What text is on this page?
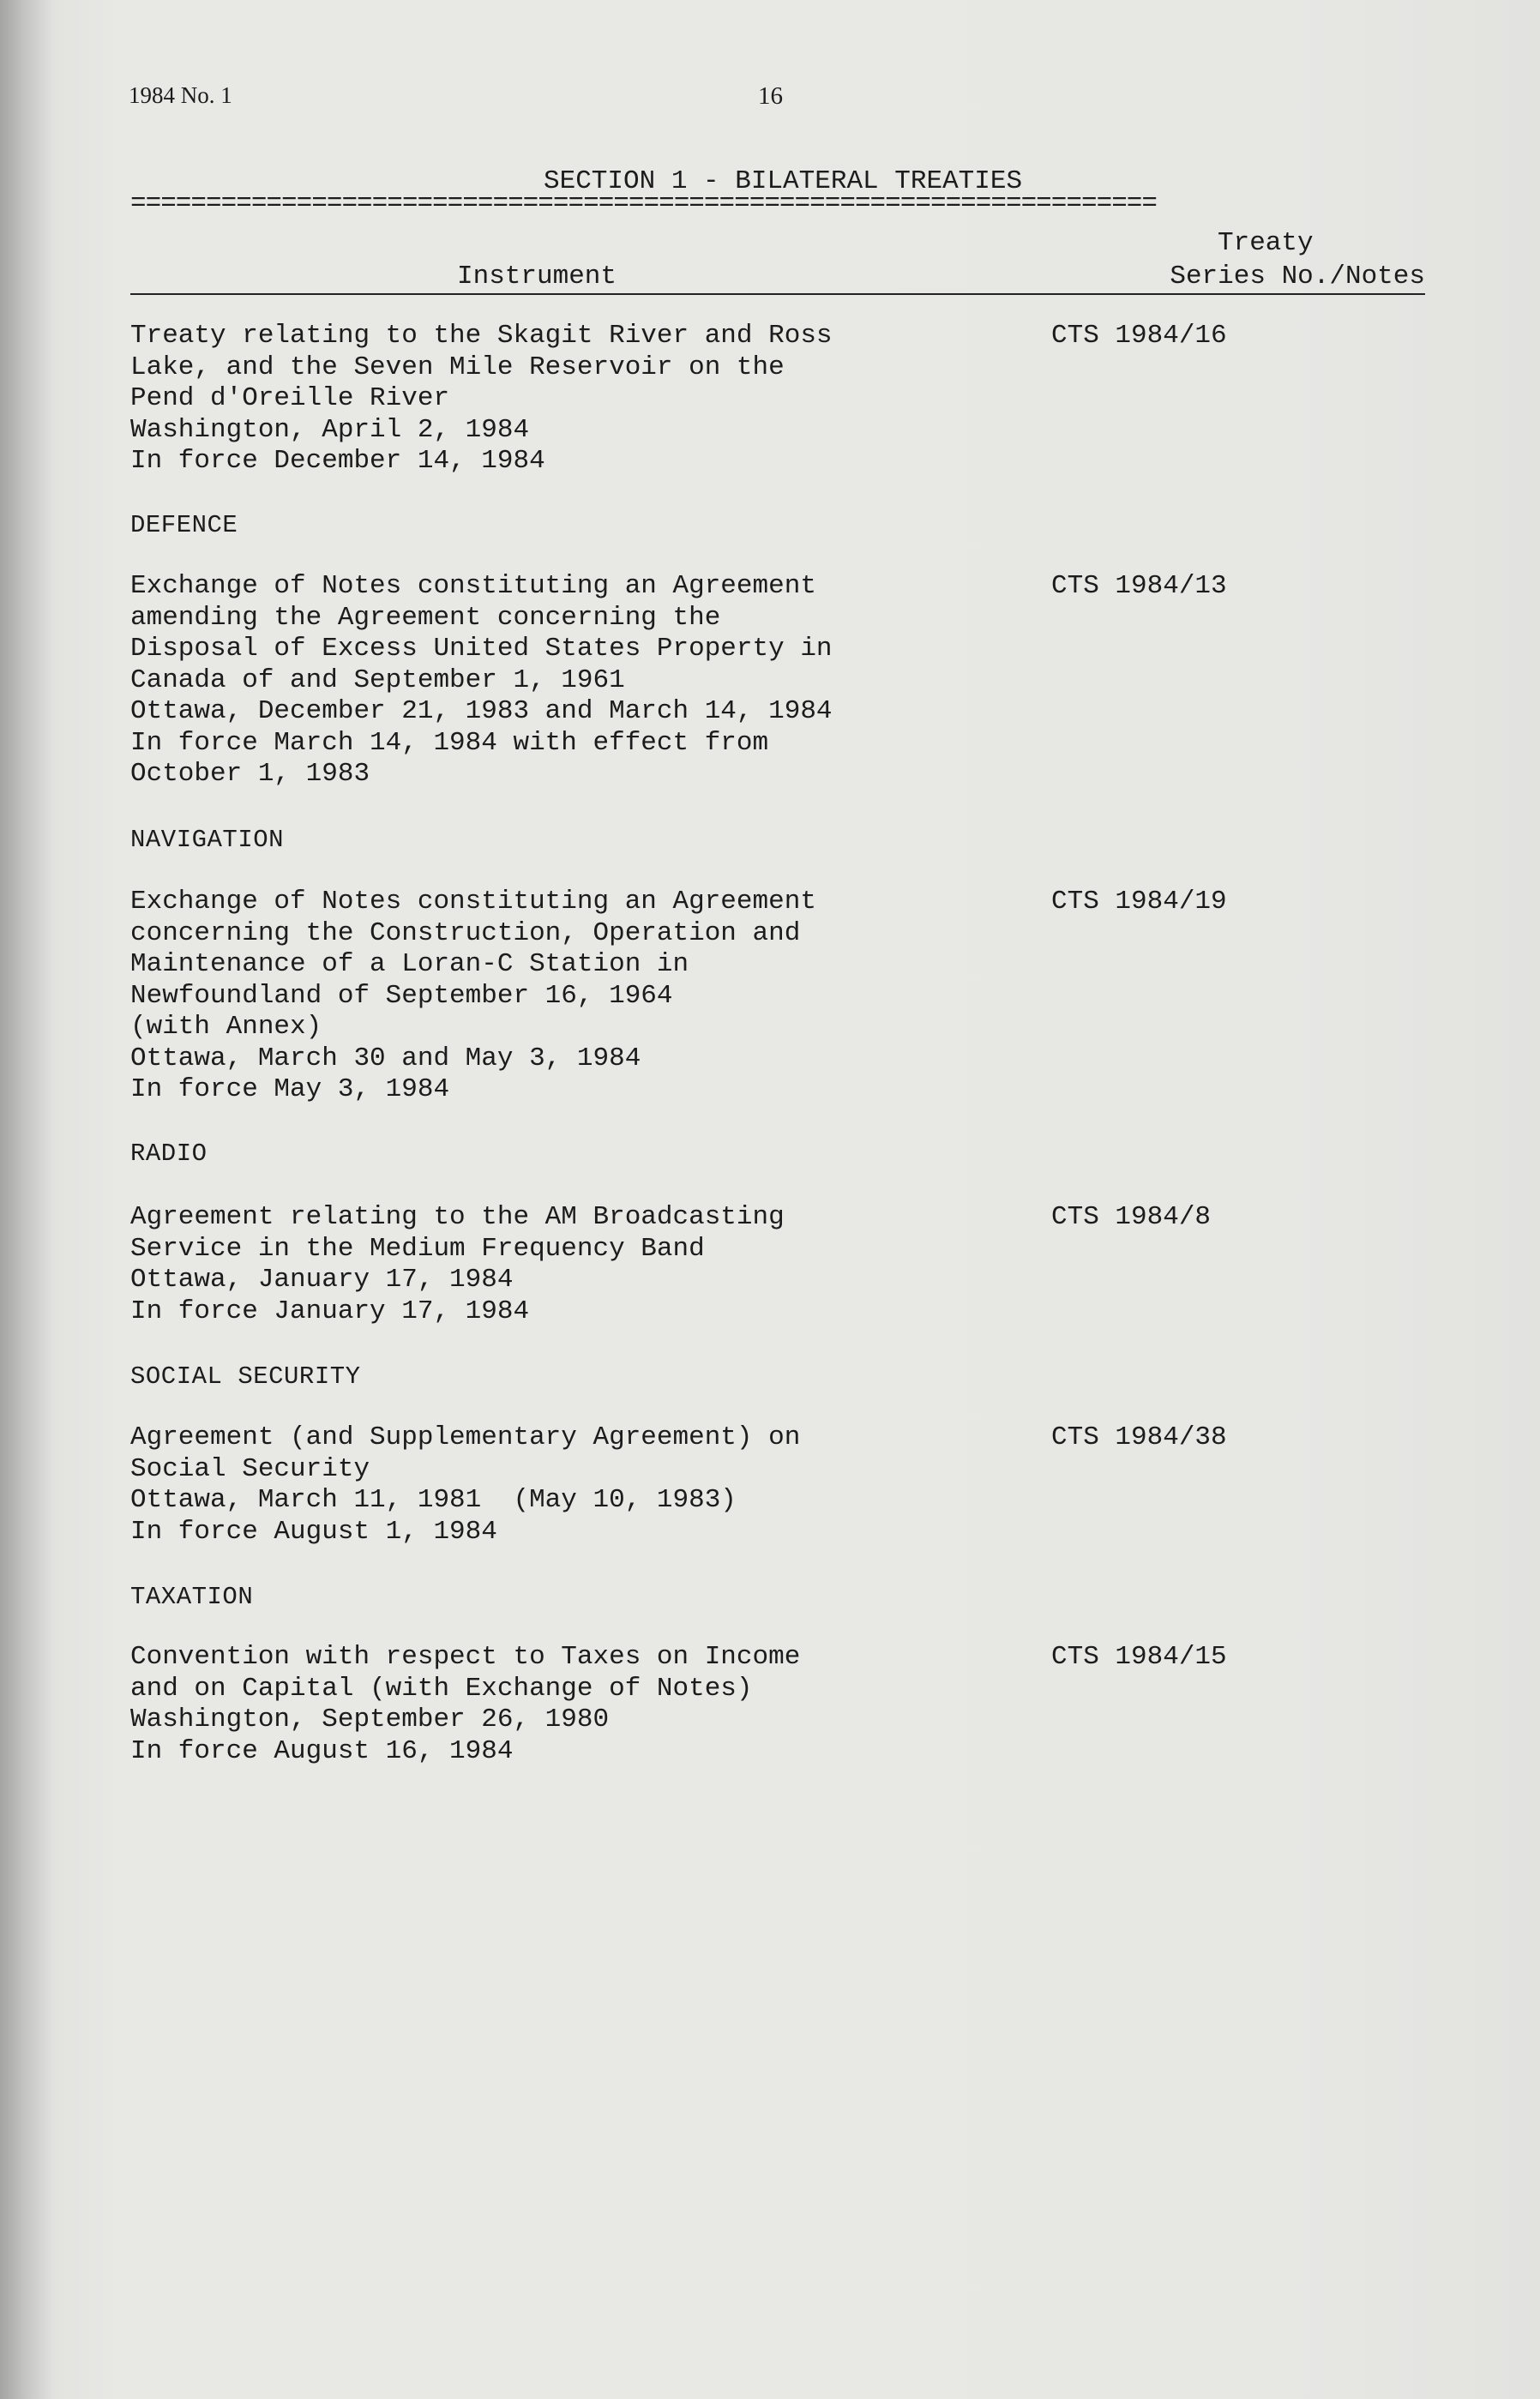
1984 No. 1	16
SECTION 1 - BILATERAL TREATIES
====================================================================
Treaty
Instrument	Series No./Notes
Treaty relating to the Skagit River and Ross
Lake, and the Seven Mile Reservoir on the
Pend d'Oreille River
Washington, April 2, 1984
In force December 14, 1984
CTS 1984/16
DEFENCE
Exchange of Notes constituting an Agreement
amending the Agreement concerning the
Disposal of Excess United States Property in
Canada of and September 1, 1961
Ottawa, December 21, 1983 and March 14, 1984
In force March 14, 1984 with effect from
October 1, 1983
CTS 1984/13
NAVIGATION
Exchange of Notes constituting an Agreement
concerning the Construction, Operation and
Maintenance of a Loran-C Station in
Newfoundland of September 16, 1964
(with Annex)
Ottawa, March 30 and May 3, 1984
In force May 3, 1984
CTS 1984/19
RADIO
Agreement relating to the AM Broadcasting
Service in the Medium Frequency Band
Ottawa, January 17, 1984
In force January 17, 1984
CTS 1984/8
SOCIAL SECURITY
Agreement (and Supplementary Agreement) on
Social Security
Ottawa, March 11, 1981  (May 10, 1983)
In force August 1, 1984
CTS 1984/38
TAXATION
Convention with respect to Taxes on Income
and on Capital (with Exchange of Notes)
Washington, September 26, 1980
In force August 16, 1984
CTS 1984/15
